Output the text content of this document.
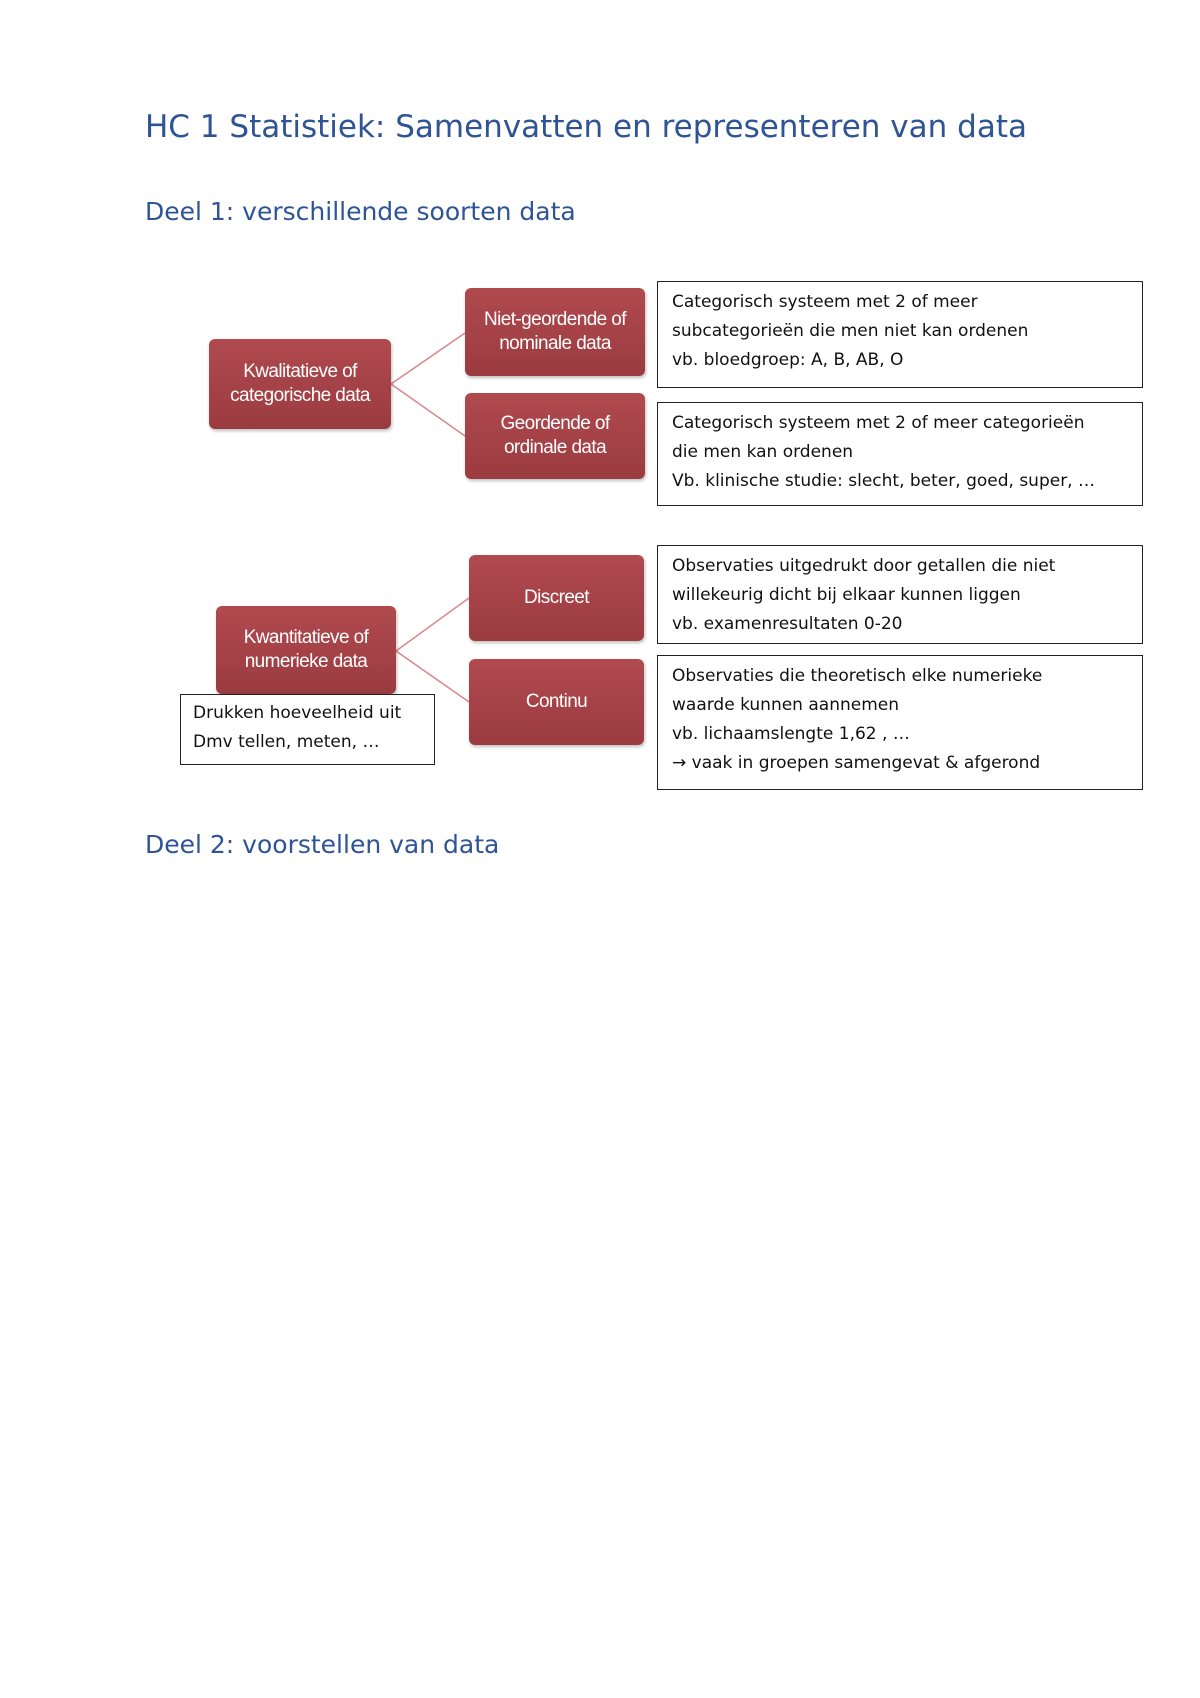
HC 1 Statistiek: Samenvatten en representeren van data
Deel 1: verschillende soorten data
Kwalitatieve of categorische data
Niet-geordende of nominale data
Geordende of ordinale data
Categorisch systeem met 2 of meer
subcategorieën die men niet kan ordenen
vb. bloedgroep: A, B, AB, O
Categorisch systeem met 2 of meer categorieën
die men kan ordenen
Vb. klinische studie: slecht, beter, goed, super, …
Kwantitatieve of numerieke data
Discreet
Continu
Drukken hoeveelheid uit
Dmv tellen, meten, …
Observaties uitgedrukt door getallen die niet
willekeurig dicht bij elkaar kunnen liggen
vb. examenresultaten 0-20
Observaties die theoretisch elke numerieke
waarde kunnen aannemen
vb. lichaamslengte 1,62 , …
→ vaak in groepen samengevat & afgerond
Deel 2: voorstellen van data
